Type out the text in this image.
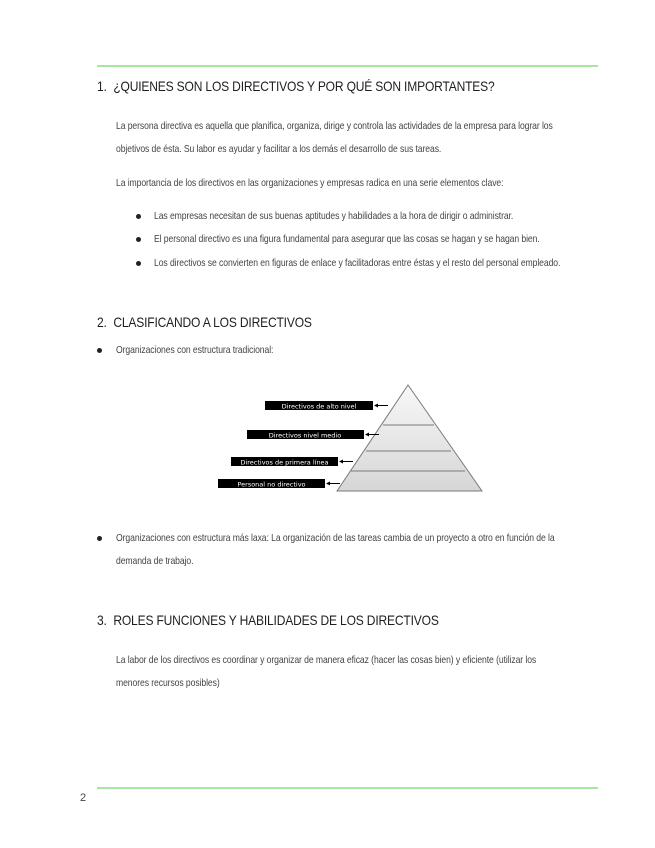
1. ¿QUIENES SON LOS DIRECTIVOS Y POR QUÉ SON IMPORTANTES?
La persona directiva es aquella que planifica, organiza, dirige y controla las actividades de la empresa para lograr los
objetivos de ésta. Su labor es ayudar y facilitar a los demás el desarrollo de sus tareas.
La importancia de los directivos en las organizaciones y empresas radica en una serie elementos clave:
Las empresas necesitan de sus buenas aptitudes y habilidades a la hora de dirigir o administrar.
El personal directivo es una figura fundamental para asegurar que las cosas se hagan y se hagan bien.
Los directivos se convierten en figuras de enlace y facilitadoras entre éstas y el resto del personal empleado.
2. CLASIFICANDO A LOS DIRECTIVOS
Organizaciones con estructura tradicional:
Directivos de alto nivel
Directivos nivel medio
Directivos de primera línea
Personal no directivo
Organizaciones con estructura más laxa: La organización de las tareas cambia de un proyecto a otro en función de la
demanda de trabajo.
3. ROLES FUNCIONES Y HABILIDADES DE LOS DIRECTIVOS
La labor de los directivos es coordinar y organizar de manera eficaz (hacer las cosas bien) y eficiente (utilizar los
menores recursos posibles)
2
